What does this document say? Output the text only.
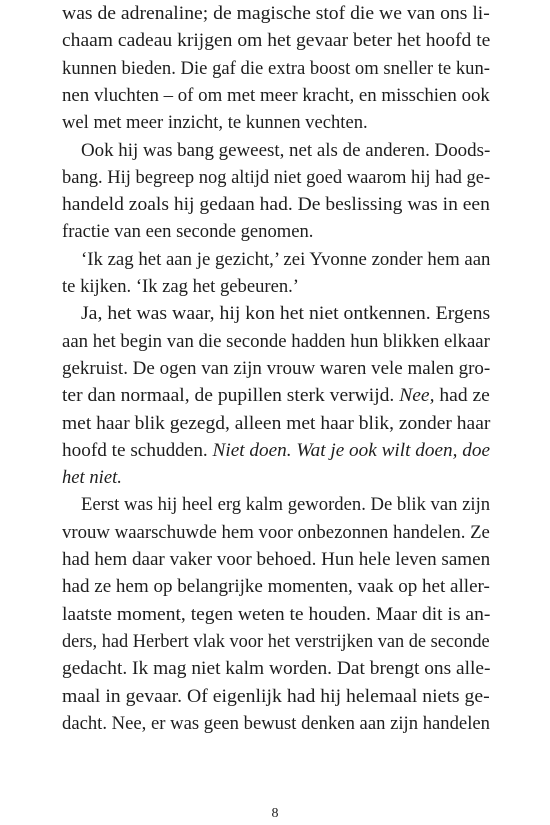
was de adrenaline; de magische stof die we van ons li-
chaam cadeau krijgen om het gevaar beter het hoofd te
kunnen bieden. Die gaf die extra boost om sneller te kun-
nen vluchten – of om met meer kracht, en misschien ook
wel met meer inzicht, te kunnen vechten.
Ook hij was bang geweest, net als de anderen. Doods-
bang. Hij begreep nog altijd niet goed waarom hij had ge-
handeld zoals hij gedaan had. De beslissing was in een
fractie van een seconde genomen.
‘Ik zag het aan je gezicht,’ zei Yvonne zonder hem aan
te kijken. ‘Ik zag het gebeuren.’
Ja, het was waar, hij kon het niet ontkennen. Ergens
aan het begin van die seconde hadden hun blikken elkaar
gekruist. De ogen van zijn vrouw waren vele malen gro-
ter dan normaal, de pupillen sterk verwijd. Nee, had ze
met haar blik gezegd, alleen met haar blik, zonder haar
hoofd te schudden. Niet doen. Wat je ook wilt doen, doe
het niet.
Eerst was hij heel erg kalm geworden. De blik van zijn
vrouw waarschuwde hem voor onbezonnen handelen. Ze
had hem daar vaker voor behoed. Hun hele leven samen
had ze hem op belangrijke momenten, vaak op het aller-
laatste moment, tegen weten te houden. Maar dit is an-
ders, had Herbert vlak voor het verstrijken van de seconde
gedacht. Ik mag niet kalm worden. Dat brengt ons alle-
maal in gevaar. Of eigenlijk had hij helemaal niets ge-
dacht. Nee, er was geen bewust denken aan zijn handelen
8
